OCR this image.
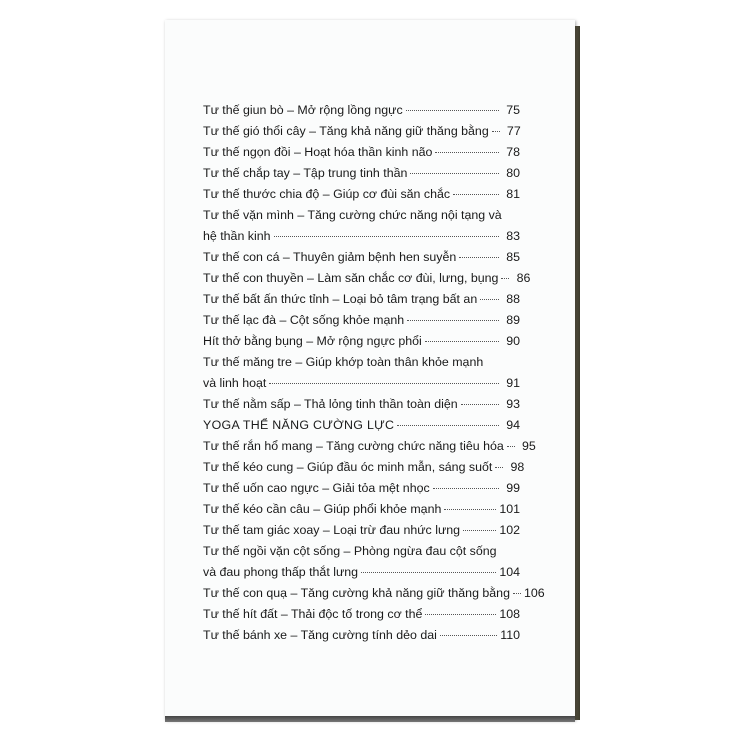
Tư thế giun bò – Mở rộng lồng ngực	75
Tư thế gió thổi cây – Tăng khả năng giữ thăng bằng	77
Tư thế ngọn đồi – Hoạt hóa thần kinh não	78
Tư thế chắp tay – Tập trung tinh thần	80
Tư thế thước chia độ – Giúp cơ đùi săn chắc	81
Tư thế vặn mình – Tăng cường chức năng nội tạng và
hệ thần kinh	83
Tư thế con cá – Thuyên giảm bệnh hen suyễn	85
Tư thế con thuyền – Làm săn chắc cơ đùi, lưng, bụng	86
Tư thế bất ấn thức tỉnh – Loại bỏ tâm trạng bất an	88
Tư thế lạc đà – Cột sống khỏe mạnh	89
Hít thở bằng bụng – Mở rộng ngực phổi	90
Tư thế măng tre – Giúp khớp toàn thân khỏe mạnh
và linh hoạt	91
Tư thế nằm sấp – Thả lỏng tinh thần toàn diện	93
YOGA THỂ NĂNG CƯỜNG LỰC	94
Tư thế rắn hổ mang – Tăng cường chức năng tiêu hóa	95
Tư thế kéo cung – Giúp đầu óc minh mẫn, sáng suốt	98
Tư thế uốn cao ngực – Giải tỏa mệt nhọc	99
Tư thế kéo cần câu – Giúp phổi khỏe mạnh	101
Tư thế tam giác xoay – Loại trừ đau nhức lưng	102
Tư thế ngồi vặn cột sống – Phòng ngừa đau cột sống
và đau phong thấp thắt lưng	104
Tư thế con quạ – Tăng cường khả năng giữ thăng bằng 106
Tư thế hít đất – Thải độc tố trong cơ thể	108
Tư thế bánh xe – Tăng cường tính dẻo dai	110
